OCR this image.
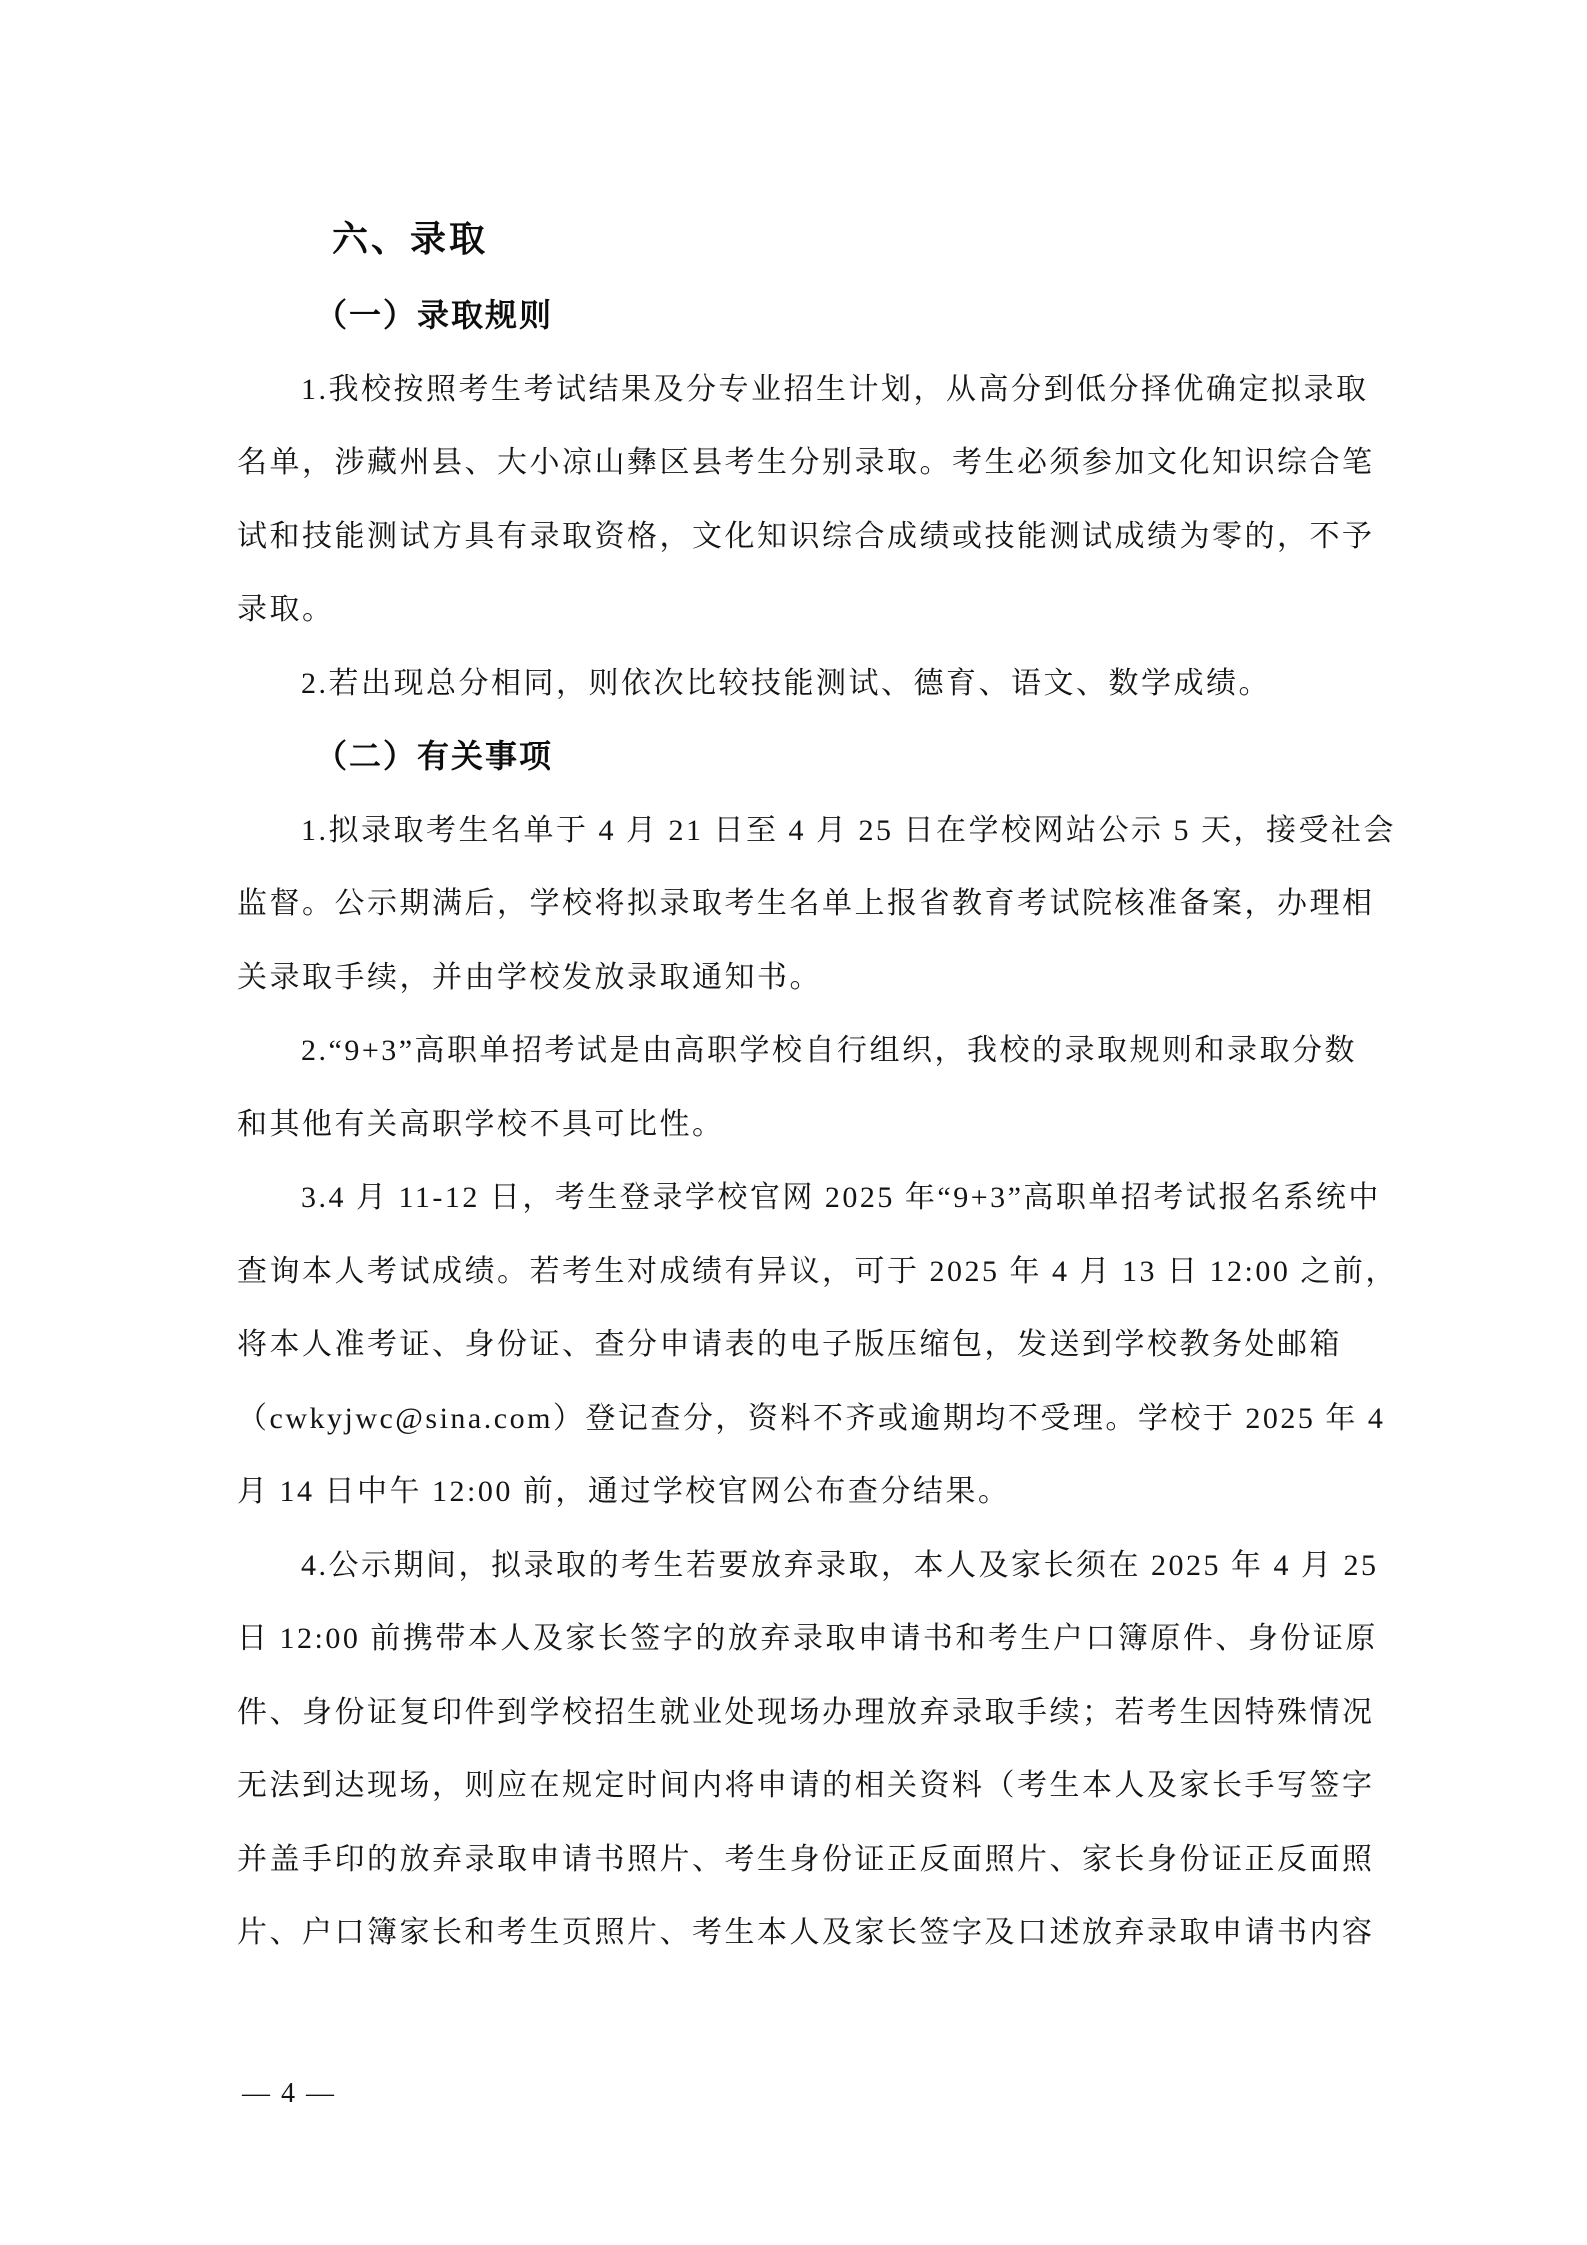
六、录取
（一）录取规则
1.我校按照考生考试结果及分专业招生计划，从高分到低分择优确定拟录取
名单，涉藏州县、大小凉山彝区县考生分别录取。考生必须参加文化知识综合笔
试和技能测试方具有录取资格，文化知识综合成绩或技能测试成绩为零的，不予
录取。
2.若出现总分相同，则依次比较技能测试、德育、语文、数学成绩。
（二）有关事项
1.拟录取考生名单于 4 月 21 日至 4 月 25 日在学校网站公示 5 天，接受社会
监督。公示期满后，学校将拟录取考生名单上报省教育考试院核准备案，办理相
关录取手续，并由学校发放录取通知书。
2.“9+3”高职单招考试是由高职学校自行组织，我校的录取规则和录取分数
和其他有关高职学校不具可比性。
3.4 月 11-12 日，考生登录学校官网 2025 年“9+3”高职单招考试报名系统中
查询本人考试成绩。若考生对成绩有异议，可于 2025 年 4 月 13 日 12:00 之前，
将本人准考证、身份证、查分申请表的电子版压缩包，发送到学校教务处邮箱
（cwkyjwc@sina.com）登记查分，资料不齐或逾期均不受理。学校于 2025 年 4
月 14 日中午 12:00 前，通过学校官网公布查分结果。
4.公示期间，拟录取的考生若要放弃录取，本人及家长须在 2025 年 4 月 25
日 12:00 前携带本人及家长签字的放弃录取申请书和考生户口簿原件、身份证原
件、身份证复印件到学校招生就业处现场办理放弃录取手续；若考生因特殊情况
无法到达现场，则应在规定时间内将申请的相关资料（考生本人及家长手写签字
并盖手印的放弃录取申请书照片、考生身份证正反面照片、家长身份证正反面照
片、户口簿家长和考生页照片、考生本人及家长签字及口述放弃录取申请书内容
— 4 —
